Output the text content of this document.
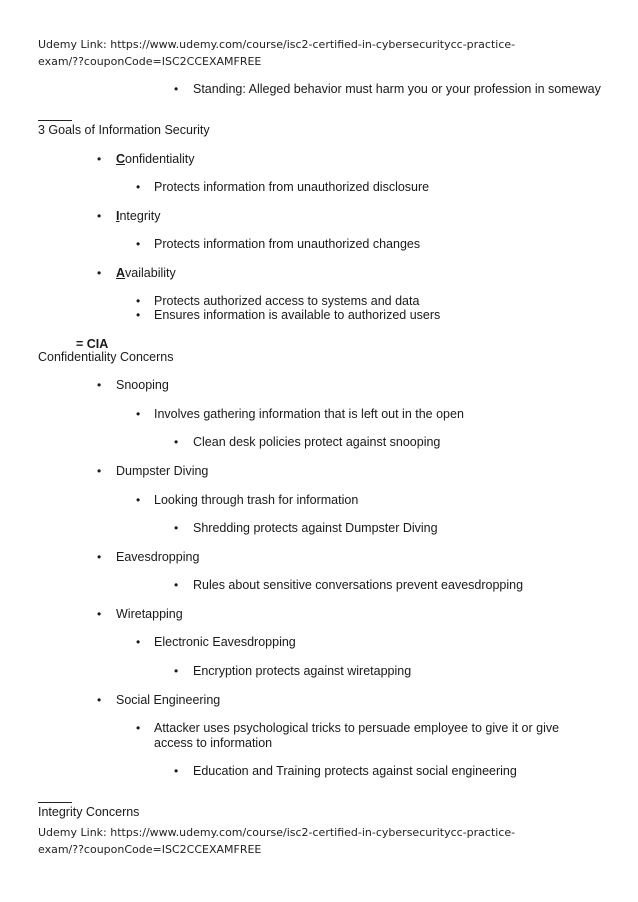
Udemy Link: https://www.udemy.com/course/isc2-certified-in-cybersecuritycc-practice-exam/??couponCode=ISC2CCEXAMFREE
• Standing: Alleged behavior must harm you or your profession in someway
3 Goals of Information Security
• Confidentiality
• Protects information from unauthorized disclosure
• Integrity
• Protects information from unauthorized changes
• Availability
• Protects authorized access to systems and data
• Ensures information is available to authorized users
= CIA
Confidentiality Concerns
• Snooping
• Involves gathering information that is left out in the open
• Clean desk policies protect against snooping
• Dumpster Diving
• Looking through trash for information
• Shredding protects against Dumpster Diving
• Eavesdropping
• Rules about sensitive conversations prevent eavesdropping
• Wiretapping
• Electronic Eavesdropping
• Encryption protects against wiretapping
• Social Engineering
• Attacker uses psychological tricks to persuade employee to give it or give access to information
• Education and Training protects against social engineering
Integrity Concerns
Udemy Link: https://www.udemy.com/course/isc2-certified-in-cybersecuritycc-practice-exam/??couponCode=ISC2CCEXAMFREE
